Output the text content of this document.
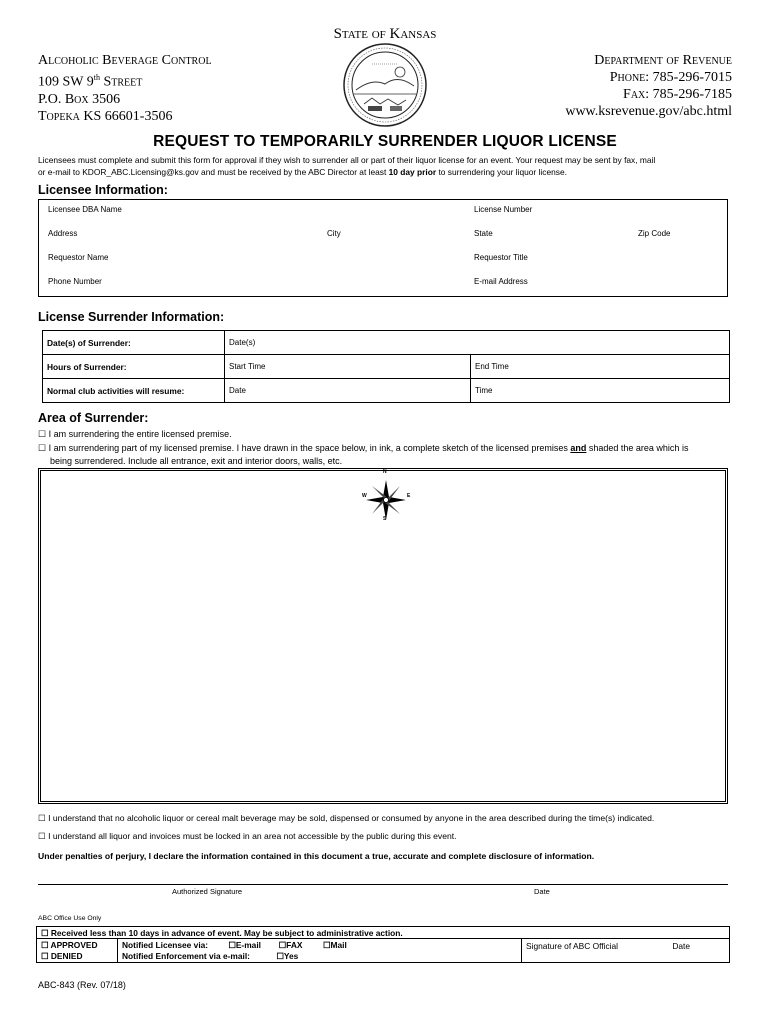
State of Kansas
Alcoholic Beverage Control
109 SW 9th Street
P.O. Box 3506
Topeka KS 66601-3506
Department of Revenue
Phone: 785-296-7015
Fax: 785-296-7185
www.ksrevenue.gov/abc.html
REQUEST TO TEMPORARILY SURRENDER LIQUOR LICENSE
Licensees must complete and submit this form for approval if they wish to surrender all or part of their liquor license for an event. Your request may be sent by fax, mail
or e-mail to KDOR_ABC.Licensing@ks.gov and must be received by the ABC Director at least 10 day prior to surrendering your liquor license.
Licensee Information:
Licensee DBA Name	License Number
Address	City	State	Zip Code
Requestor Name	Requestor Title
Phone Number	E-mail Address
License Surrender Information:
Date(s) of Surrender:	Date(s)	
Hours of Surrender:	Start Time	End Time
Normal club activities will resume:	Date	Time
Area of Surrender:
☐ I am surrendering the entire licensed premise.
☐ I am surrendering part of my licensed premise. I have drawn in the space below, in ink, a complete sketch of the licensed premises and shaded the area which is
being surrendered. Include all entrance, exit and interior doors, walls, etc.
N
S
E
W
☐ I understand that no alcoholic liquor or cereal malt beverage may be sold, dispensed or consumed by anyone in the area described during the time(s) indicated.
☐ I understand all liquor and invoices must be locked in an area not accessible by the public during this event.
Under penalties of perjury, I declare the information contained in this document a true, accurate and complete disclosure of information.
Authorized Signature	Date
ABC Office Use Only
☐ Received less than 10 days in advance of event. May be subject to administrative action.		
☐ APPROVED	Notified Licensee via: ☐E-mail ☐FAX ☐Mail	Signature of ABC Official Date
☐ DENIED	Notified Enforcement via e-mail: ☐Yes	
ABC-843 (Rev. 07/18)
